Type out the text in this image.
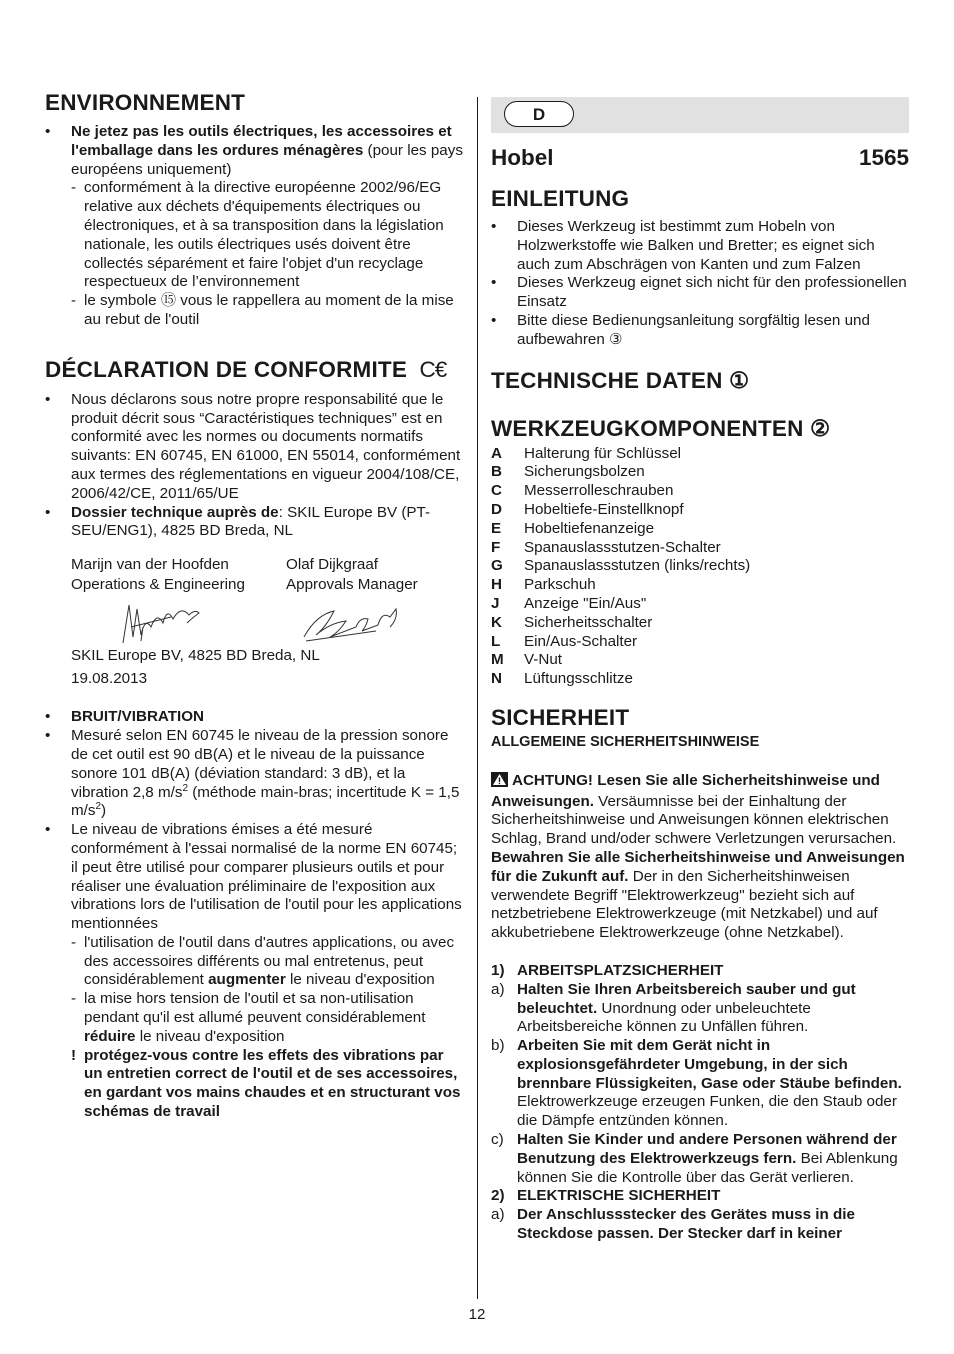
ENVIRONNEMENT
•	Ne jetez pas les outils électriques, les accessoires et l'emballage dans les ordures ménagères (pour les pays européens uniquement)
- conformément à la directive européenne 2002/96/EG relative aux déchets d'équipements électriques ou électroniques, et à sa transposition dans la législation nationale, les outils électriques usés doivent être collectés séparément et faire l'objet d'un recyclage respectueux de l’environnement
- le symbole ⑮ vous le rappellera au moment de la mise au rebut de l'outil
DÉCLARATION DE CONFORMITE C€
•	Nous déclarons sous notre propre responsabilité que le produit décrit sous “Caractéristiques techniques” est en conformité avec les normes ou documents normatifs suivants: EN 60745, EN 61000, EN 55014, conformément aux termes des réglementations en vigueur 2004/108/CE, 2006/42/CE, 2011/65/UE
•	Dossier technique auprès de: SKIL Europe BV (PT-SEU/ENG1), 4825 BD Breda, NL
Marijn van der Hoofden
Operations & Engineering
Olaf Dijkgraaf
Approvals Manager
SKIL Europe BV, 4825 BD Breda, NL
19.08.2013
•	BRUIT/VIBRATION
•	Mesuré selon EN 60745 le niveau de la pression sonore de cet outil est 90 dB(A) et le niveau de la puissance sonore 101 dB(A) (déviation standard: 3 dB), et la vibration 2,8 $m/s^2$ (méthode main-bras; incertitude K = 1,5 $m/s^2$)
•	Le niveau de vibrations émises a été mesuré conformément à l'essai normalisé de la norme EN 60745; il peut être utilisé pour comparer plusieurs outils et pour réaliser une évaluation préliminaire de l'exposition aux vibrations lors de l'utilisation de l'outil pour les applications mentionnées
- l'utilisation de l'outil dans d'autres applications, ou avec des accessoires différents ou mal entretenus, peut considérablement augmenter le niveau d'exposition
- la mise hors tension de l'outil et sa non-utilisation pendant qu'il est allumé peuvent considérablement réduire le niveau d'exposition
! protégez-vous contre les effets des vibrations par un entretien correct de l'outil et de ses accessoires, en gardant vos mains chaudes et en structurant vos schémas de travail
D
Hobel	1565
EINLEITUNG
•	Dieses Werkzeug ist bestimmt zum Hobeln von Holzwerkstoffe wie Balken und Bretter; es eignet sich auch zum Abschrägen von Kanten und zum Falzen
•	Dieses Werkzeug eignet sich nicht für den professionellen Einsatz
•	Bitte diese Bedienungsanleitung sorgfältig lesen und aufbewahren ③
TECHNISCHE DATEN ①
WERKZEUGKOMPONENTEN ②
A	Halterung für Schlüssel
B	Sicherungsbolzen
C	Messerrolleschrauben
D	Hobeltiefe-Einstellknopf
E	Hobeltiefenanzeige
F	Spanauslassstutzen-Schalter
G	Spanauslassstutzen (links/rechts)
H	Parkschuh
J	Anzeige "Ein/Aus"
K	Sicherheitsschalter
L	Ein/Aus-Schalter
M	V-Nut
N	Lüftungsschlitze
SICHERHEIT
ALLGEMEINE SICHERHEITSHINWEISE
ACHTUNG! Lesen Sie alle Sicherheitshinweise und Anweisungen. Versäumnisse bei der Einhaltung der Sicherheitshinweise und Anweisungen können elektrischen Schlag, Brand und/oder schwere Verletzungen verursachen. Bewahren Sie alle Sicherheitshinweise und Anweisungen für die Zukunft auf. Der in den Sicherheitshinweisen verwendete Begriff "Elektrowerkzeug" bezieht sich auf netzbetriebene Elektrowerkzeuge (mit Netzkabel) und auf akkubetriebene Elektrowerkzeuge (ohne Netzkabel).
1) ARBEITSPLATZSICHERHEIT
a) Halten Sie Ihren Arbeitsbereich sauber und gut beleuchtet. Unordnung oder unbeleuchtete Arbeitsbereiche können zu Unfällen führen.
b) Arbeiten Sie mit dem Gerät nicht in explosionsgefährdeter Umgebung, in der sich brennbare Flüssigkeiten, Gase oder Stäube befinden. Elektrowerkzeuge erzeugen Funken, die den Staub oder die Dämpfe entzünden können.
c) Halten Sie Kinder und andere Personen während der Benutzung des Elektrowerkzeugs fern. Bei Ablenkung können Sie die Kontrolle über das Gerät verlieren.
2) ELEKTRISCHE SICHERHEIT
a) Der Anschlussstecker des Gerätes muss in die Steckdose passen. Der Stecker darf in keiner
12
